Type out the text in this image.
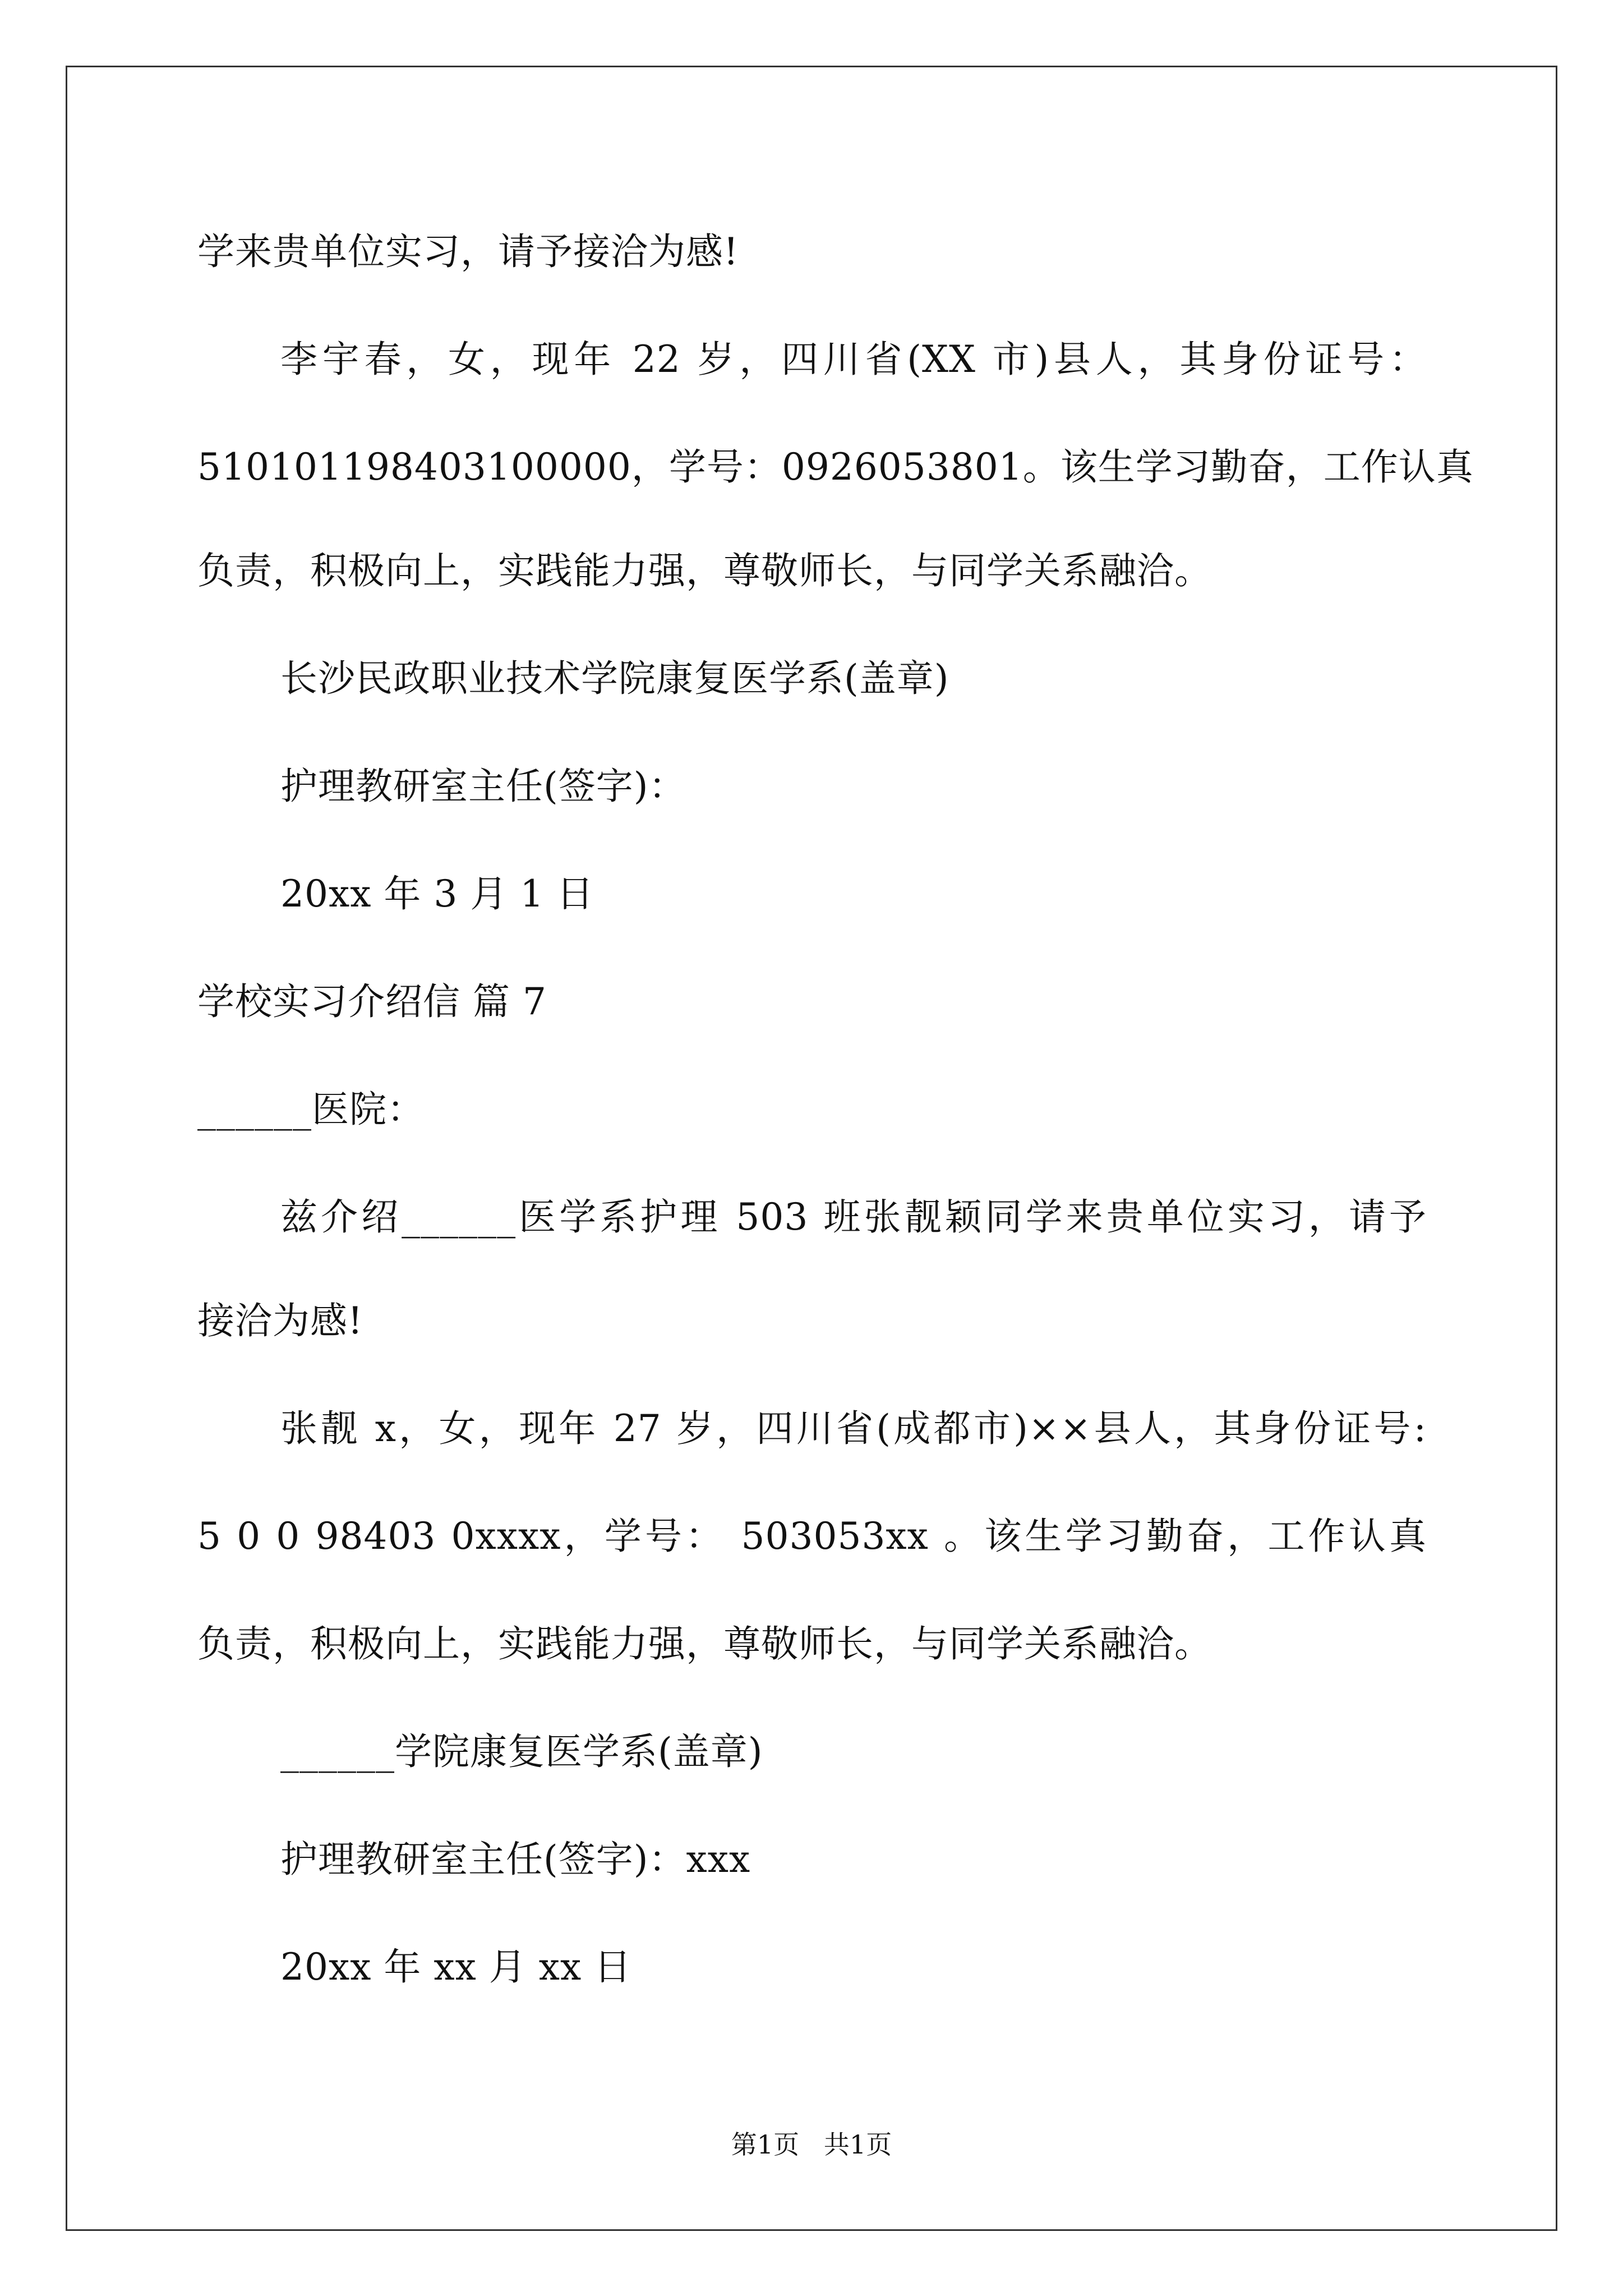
学来贵单位实习，请予接洽为感!
李宇春，女，现年 22 岁，四川省(XX 市)县人，其身份证号：
510101198403100000，学号：0926053801。该生学习勤奋，工作认真
负责，积极向上，实践能力强，尊敬师长，与同学关系融洽。
长沙民政职业技术学院康复医学系(盖章)
护理教研室主任(签字)：
20xx 年 3 月 1 日
学校实习介绍信 篇 7
______医院：
兹介绍______医学系护理 503 班张靓颖同学来贵单位实习，请予
接洽为感!
张靓 x，女，现年 27 岁，四川省(成都市)××县人，其身份证号:
5 0 0 98403 0xxxx，学号： 503053xx 。该生学习勤奋，工作认真
负责，积极向上，实践能力强，尊敬师长，与同学关系融洽。
______学院康复医学系(盖章)
护理教研室主任(签字)：xxx
20xx 年 xx 月 xx 日
第1页   共1页
